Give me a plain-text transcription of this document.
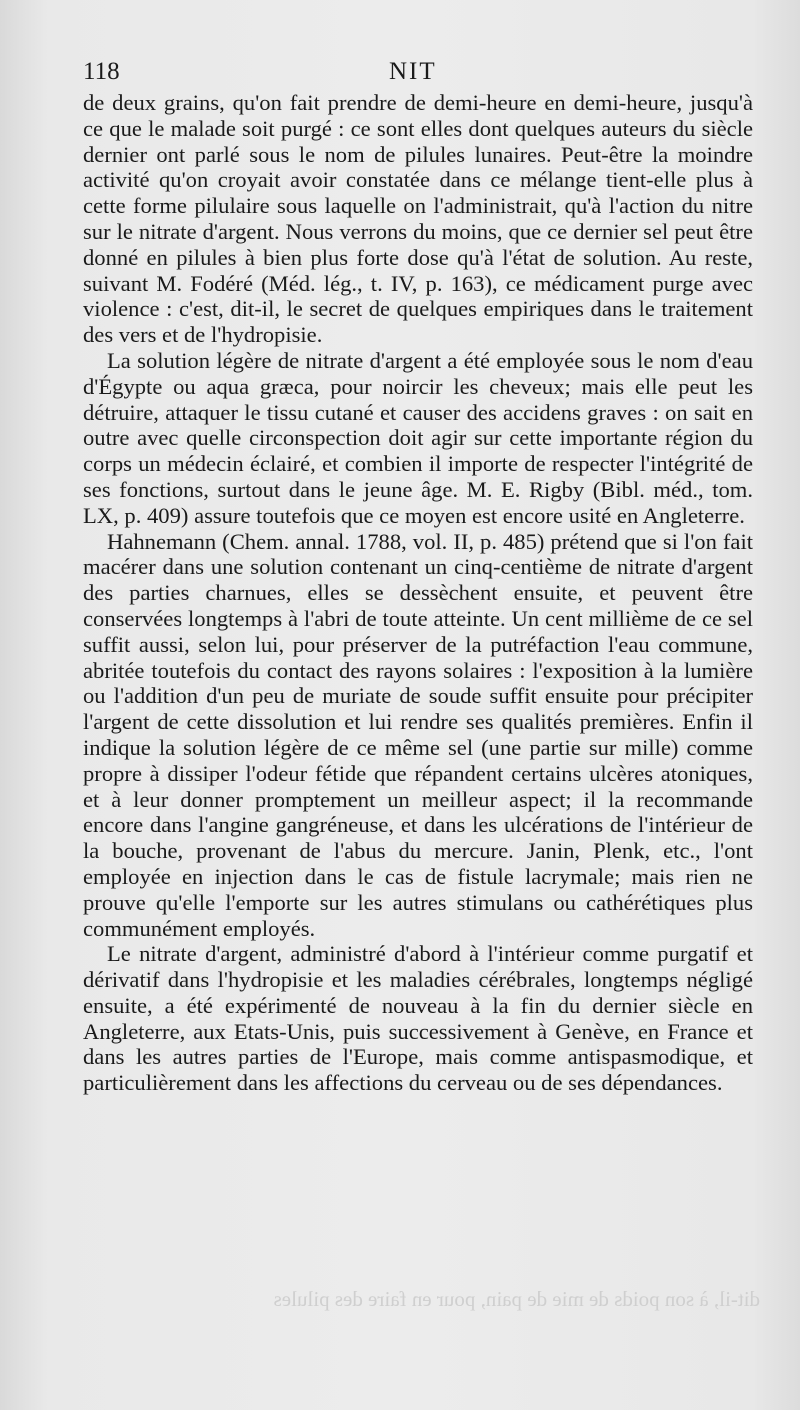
118	NIT

de deux grains, qu'on fait prendre de demi-heure en demi-heure, jusqu'à ce que le malade soit purgé : ce sont elles dont quelques auteurs du siècle dernier ont parlé sous le nom de pilules lunaires. Peut-être la moindre activité qu'on croyait avoir constatée dans ce mélange tient-elle plus à cette forme pilulaire sous laquelle on l'administrait, qu'à l'action du nitre sur le nitrate d'argent. Nous verrons du moins, que ce dernier sel peut être donné en pilules à bien plus forte dose qu'à l'état de solution. Au reste, suivant M. Fodéré (Méd. lég., t. IV, p. 163), ce médicament purge avec violence : c'est, dit-il, le secret de quelques empiriques dans le traitement des vers et de l'hydropisie.

La solution légère de nitrate d'argent a été employée sous le nom d'eau d'Égypte ou aqua græca, pour noircir les cheveux; mais elle peut les détruire, attaquer le tissu cutané et causer des accidens graves : on sait en outre avec quelle circonspection doit agir sur cette importante région du corps un médecin éclairé, et combien il importe de respecter l'intégrité de ses fonctions, surtout dans le jeune âge. M. E. Rigby (Bibl. méd., tom. LX, p. 409) assure toutefois que ce moyen est encore usité en Angleterre.

Hahnemann (Chem. annal. 1788, vol. II, p. 485) prétend que si l'on fait macérer dans une solution contenant un cinq-centième de nitrate d'argent des parties charnues, elles se dessèchent ensuite, et peuvent être conservées longtemps à l'abri de toute atteinte. Un cent millième de ce sel suffit aussi, selon lui, pour préserver de la putréfaction l'eau commune, abritée toutefois du contact des rayons solaires : l'exposition à la lumière ou l'addition d'un peu de muriate de soude suffit ensuite pour précipiter l'argent de cette dissolution et lui rendre ses qualités premières. Enfin il indique la solution légère de ce même sel (une partie sur mille) comme propre à dissiper l'odeur fétide que répandent certains ulcères atoniques, et à leur donner promptement un meilleur aspect; il la recommande encore dans l'angine gangréneuse, et dans les ulcérations de l'intérieur de la bouche, provenant de l'abus du mercure. Janin, Plenk, etc., l'ont employée en injection dans le cas de fistule lacrymale; mais rien ne prouve qu'elle l'emporte sur les autres stimulans ou cathérétiques plus communément employés.

Le nitrate d'argent, administré d'abord à l'intérieur comme purgatif et dérivatif dans l'hydropisie et les maladies cérébrales, longtemps négligé ensuite, a été expérimenté de nouveau à la fin du dernier siècle en Angleterre, aux Etats-Unis, puis successivement à Genève, en France et dans les autres parties de l'Europe, mais comme antispasmodique, et particulièrement dans les affections du cerveau ou de ses dépendances.

dit-il, à son poids de mie de pain, pour en faire des pilules
